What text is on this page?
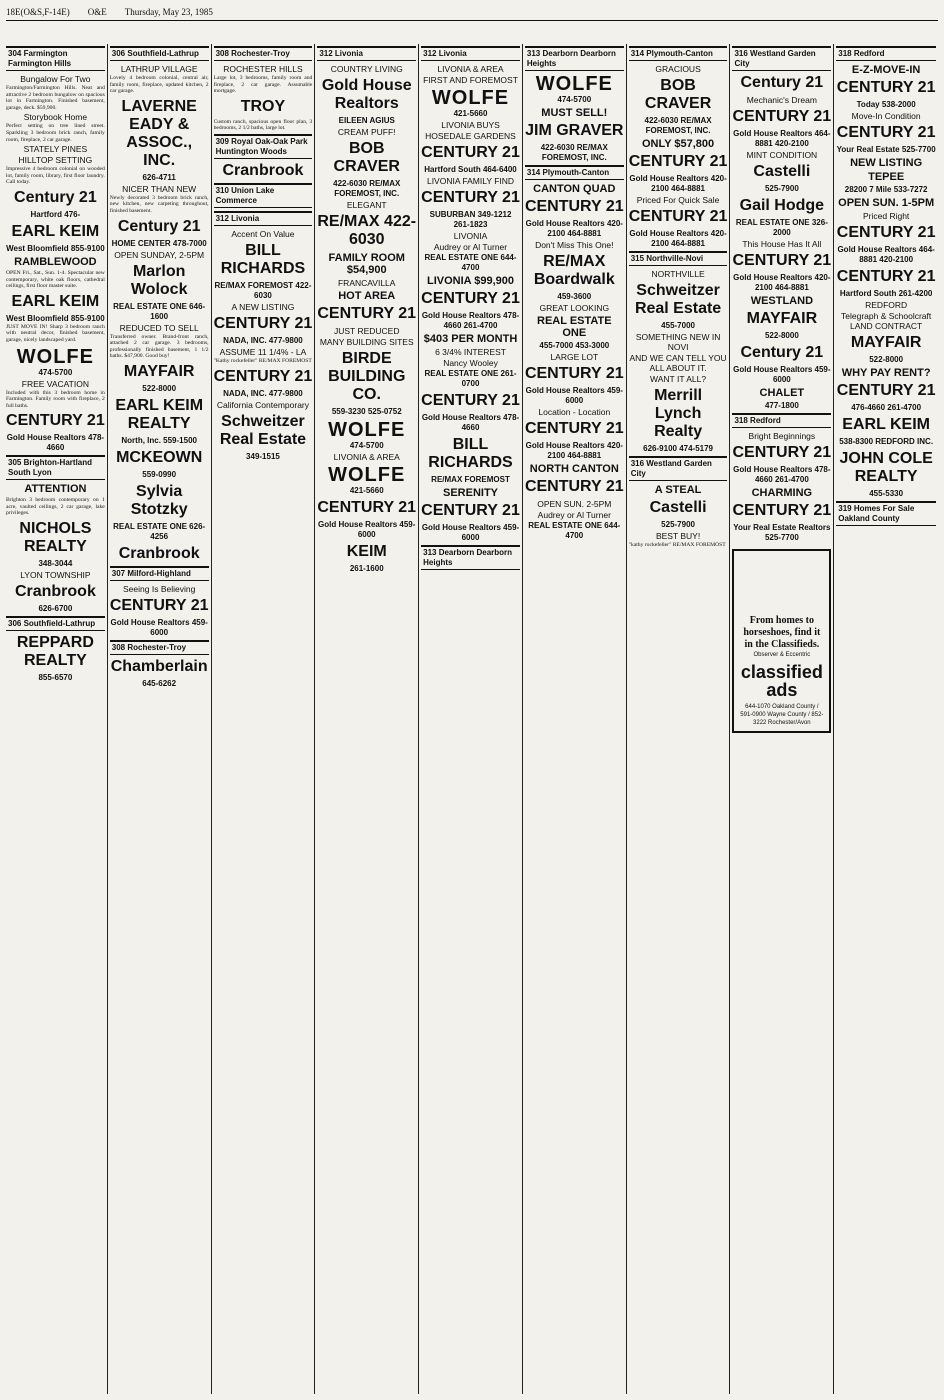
18E(O&S,F-14E) O&E Thursday, May 23, 1985
304 Farmington Farmington Hills
Bungalow For Two
Farmington/Farmington Hills. Neat and attractive 2 bedroom bungalow on spacious lot in Farmington. Finished basement, garage, deck. $59,900.
Storybook Home
Perfect setting on tree lined street. Sparkling 3 bedroom brick ranch, family room, fireplace, 2 car garage.
STATELY PINES
HILLTOP SETTING
Impressive 4 bedroom colonial on wooded lot, family room, library, first floor laundry. Call today.
Century 21
Hartford 476-
EARL KEIM
West Bloomfield 855-9100
RAMBLEWOOD
OPEN Fri., Sat., Sun. 1-4. Spectacular new contemporary, white oak floors, cathedral ceilings, first floor master suite.
EARL KEIM
West Bloomfield 855-9100
JUST MOVE IN! Sharp 3 bedroom ranch with neutral decor, finished basement, garage, nicely landscaped yard.
WOLFE
474-5700
FREE VACATION
Included with this 3 bedroom home in Farmington. Family room with fireplace, 2 full baths.
CENTURY 21
Gold House Realtors 478-4660
305 Brighton-Hartland South Lyon
ATTENTION
Brighton 3 bedroom contemporary on 1 acre, vaulted ceilings, 2 car garage, lake privileges.
NICHOLS REALTY
348-3044
LYON TOWNSHIP
Cranbrook
626-6700
306 Southfield-Lathrup
REPPARD REALTY
855-6570
306 Southfield-Lathrup
LATHRUP VILLAGE
Lovely 4 bedroom colonial, central air, family room, fireplace, updated kitchen, 2 car garage.
LAVERNE EADY & ASSOC., INC.
626-4711
NICER THAN NEW
Newly decorated 3 bedroom brick ranch, new kitchen, new carpeting throughout, finished basement.
Century 21
HOME CENTER 478-7000
OPEN SUNDAY, 2-5PM
Marlon Wolock
REAL ESTATE ONE 646-1600
REDUCED TO SELL
Transferred owner. Brand-front ranch, attached 2 car garage. 3 bedrooms, professionally finished basement, 1 1/2 baths. $47,900. Good buy!
MAYFAIR
522-8000
EARL KEIM REALTY
North, Inc. 559-1500
MCKEOWN
559-0990
Sylvia Stotzky
REAL ESTATE ONE 626-4256
Cranbrook
307 Milford-Highland
Seeing Is Believing
CENTURY 21
Gold House Realtors 459-6000
308 Rochester-Troy
Chamberlain
645-6262
308 Rochester-Troy
ROCHESTER HILLS
Large lot, 3 bedrooms, family room and fireplace, 2 car garage. Assumable mortgage.
TROY
Custom ranch, spacious open floor plan, 3 bedrooms, 2 1/2 baths, large lot.
309 Royal Oak-Oak Park Huntington Woods
Cranbrook
310 Union Lake Commerce
312 Livonia
Accent On Value
BILL RICHARDS
RE/MAX FOREMOST 422-6030
A NEW LISTING
CENTURY 21
NADA, INC. 477-9800
ASSUME 11 1/4% - LA
"Kathy rockefeller" RE/MAX FOREMOST
CENTURY 21
NADA, INC. 477-9800
California Contemporary
Schweitzer Real Estate
349-1515
312 Livonia
COUNTRY LIVING
Gold House Realtors
EILEEN AGIUS
CREAM PUFF!
BOB CRAVER
422-6030 RE/MAX FOREMOST, INC.
ELEGANT
RE/MAX 422-6030
FAMILY ROOM $54,900
FRANCAVILLA
HOT AREA
CENTURY 21
JUST REDUCED
MANY BUILDING SITES
BIRDE BUILDING CO.
559-3230 525-0752
WOLFE
474-5700
LIVONIA & AREA
WOLFE
421-5660
CENTURY 21
Gold House Realtors 459-6000
KEIM
261-1600
312 Livonia
LIVONIA & AREA
FIRST AND FOREMOST
WOLFE
421-5660
LIVONIA BUYS
HOSEDALE GARDENS
CENTURY 21
Hartford South 464-6400
LIVONIA FAMILY FIND
CENTURY 21
SUBURBAN 349-1212 261-1823
LIVONIA
Audrey or Al Turner
REAL ESTATE ONE 644-4700
LIVONIA $99,900
CENTURY 21
Gold House Realtors 478-4660 261-4700
$403 PER MONTH
6 3/4% INTEREST
Nancy Wooley
REAL ESTATE ONE 261-0700
CENTURY 21
Gold House Realtors 478-4660
BILL RICHARDS
RE/MAX FOREMOST
SERENITY
CENTURY 21
Gold House Realtors 459-6000
313 Dearborn Dearborn Heights
313 Dearborn Dearborn Heights
WOLFE
474-5700
MUST SELL!
JIM GRAVER
422-6030 RE/MAX FOREMOST, INC.
314 Plymouth-Canton
CANTON QUAD
CENTURY 21
Gold House Realtors 420-2100 464-8881
Don't Miss This One!
RE/MAX Boardwalk
459-3600
GREAT LOOKING
REAL ESTATE ONE
455-7000 453-3000
LARGE LOT
CENTURY 21
Gold House Realtors 459-6000
Location - Location
CENTURY 21
Gold House Realtors 420-2100 464-8881
NORTH CANTON
CENTURY 21
OPEN SUN. 2-5PM
Audrey or Al Turner
REAL ESTATE ONE 644-4700
314 Plymouth-Canton
GRACIOUS
BOB CRAVER
422-6030 RE/MAX FOREMOST, INC.
ONLY $57,800
CENTURY 21
Gold House Realtors 420-2100 464-8881
Priced For Quick Sale
CENTURY 21
Gold House Realtors 420-2100 464-8881
315 Northville-Novi
NORTHVILLE
Schweitzer Real Estate
455-7000
SOMETHING NEW IN NOVI
AND WE CAN TELL YOU ALL ABOUT IT.
WANT IT ALL?
Merrill Lynch Realty
626-9100 474-5179
316 Westland Garden City
A STEAL
Castelli
525-7900
BEST BUY!
"kathy rockefeller" RE/MAX FOREMOST
316 Westland Garden City
Century 21
Mechanic's Dream
CENTURY 21
Gold House Realtors 464-8881 420-2100
MINT CONDITION
Castelli
525-7900
Gail Hodge
REAL ESTATE ONE 326-2000
This House Has It All
CENTURY 21
Gold House Realtors 420-2100 464-8881
WESTLAND
MAYFAIR
522-8000
Century 21
Gold House Realtors 459-6000
CHALET
477-1800
318 Redford
Bright Beginnings
CENTURY 21
Gold House Realtors 478-4660 261-4700
CHARMING
CENTURY 21
Your Real Estate Realtors 525-7700
From homes to horseshoes, find it in the Classifieds.
Observer & Eccentric
classified ads
644-1070 Oakland County / 591-0900 Wayne County / 852-3222 Rochester/Avon
318 Redford
E-Z-MOVE-IN
CENTURY 21
Today 538-2000
Move-In Condition
CENTURY 21
Your Real Estate 525-7700
NEW LISTING
TEPEE
28200 7 Mile 533-7272
OPEN SUN. 1-5PM
Priced Right
CENTURY 21
Gold House Realtors 464-8881 420-2100
CENTURY 21
Hartford South 261-4200
REDFORD
Telegraph & Schoolcraft LAND CONTRACT
MAYFAIR
522-8000
WHY PAY RENT?
CENTURY 21
476-4660 261-4700
EARL KEIM
538-8300 REDFORD INC.
JOHN COLE REALTY
455-5330
319 Homes For Sale Oakland County
